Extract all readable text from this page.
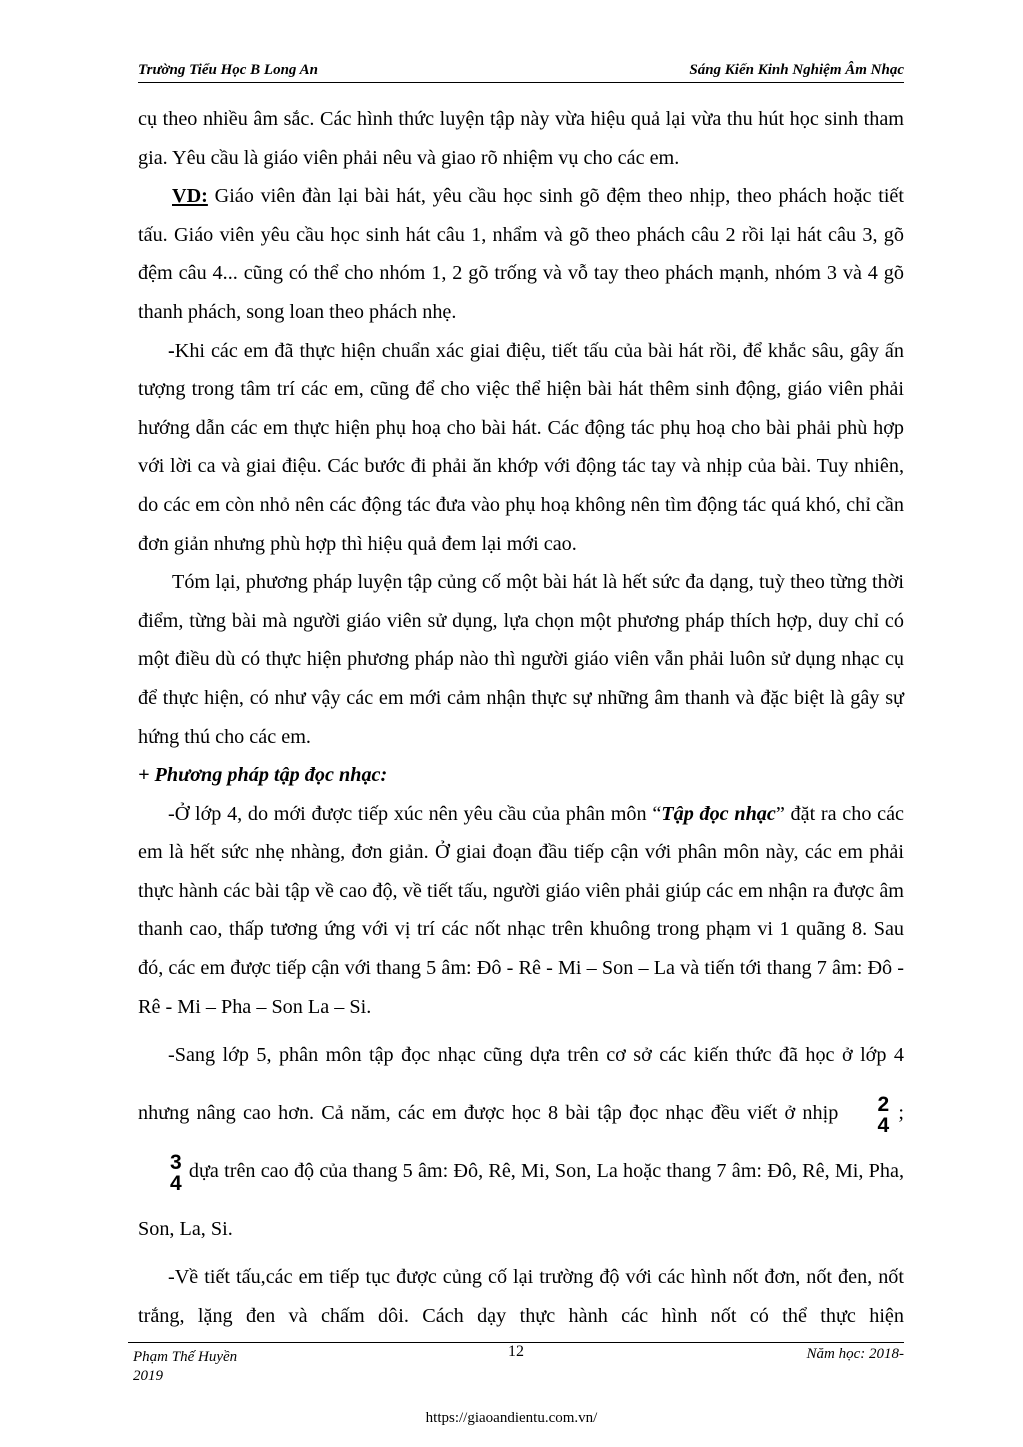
Trường Tiểu Học B Long An	Sáng Kiến Kinh Nghiệm Âm Nhạc

cụ theo nhiều âm sắc. Các hình thức luyện tập này vừa hiệu quả lại vừa thu hút học sinh tham gia. Yêu cầu là giáo viên phải nêu và giao rõ nhiệm vụ cho các em.

VD: Giáo viên đàn lại bài hát, yêu cầu học sinh gõ đệm theo nhịp, theo phách hoặc tiết tấu. Giáo viên yêu cầu học sinh hát câu 1, nhẩm và gõ theo phách câu 2 rồi lại hát câu 3, gõ đệm câu 4... cũng có thể cho nhóm 1, 2 gõ trống và vỗ tay theo phách mạnh, nhóm 3 và 4 gõ thanh phách, song loan theo phách nhẹ.

-Khi các em đã thực hiện chuẩn xác giai điệu, tiết tấu của bài hát rồi, để khắc sâu, gây ấn tượng trong tâm trí các em, cũng để cho việc thể hiện bài hát thêm sinh động, giáo viên phải hướng dẫn các em thực hiện phụ hoạ cho bài hát. Các động tác phụ hoạ cho bài phải phù hợp với lời ca và giai điệu. Các bước đi phải ăn khớp với động tác tay và nhịp của bài. Tuy nhiên, do các em còn nhỏ nên các động tác đưa vào phụ hoạ không nên tìm động tác quá khó, chỉ cần đơn giản nhưng phù hợp thì hiệu quả đem lại mới cao.

Tóm lại, phương pháp luyện tập củng cố một bài hát là hết sức đa dạng, tuỳ theo từng thời điểm, từng bài mà người giáo viên sử dụng, lựa chọn một phương pháp thích hợp, duy chỉ có một điều dù có thực hiện phương pháp nào thì người giáo viên vẫn phải luôn sử dụng nhạc cụ để thực hiện, có như vậy các em mới cảm nhận thực sự những âm thanh và đặc biệt là gây sự hứng thú cho các em.

+ Phương pháp tập đọc nhạc:

-Ở lớp 4, do mới được tiếp xúc nên yêu cầu của phân môn “Tập đọc nhạc” đặt ra cho các em là hết sức nhẹ nhàng, đơn giản. Ở giai đoạn đầu tiếp cận với phân môn này, các em phải thực hành các bài tập về cao độ, về tiết tấu, người giáo viên phải giúp các em nhận ra được âm thanh cao, thấp tương ứng với vị trí các nốt nhạc trên khuông trong phạm vi 1 quãng 8. Sau đó, các em được tiếp cận với thang 5 âm: Đô - Rê - Mi – Son – La và tiến tới thang 7 âm: Đô - Rê - Mi – Pha – Son La – Si.

-Sang lớp 5, phân môn tập đọc nhạc cũng dựa trên cơ sở các kiến thức đã học ở lớp 4 nhưng nâng cao hơn. Cả năm, các em được học 8 bài tập đọc nhạc đều viết ở nhịp	2
4
;
3
4
dựa trên cao độ của thang 5 âm: Đô, Rê, Mi, Son, La hoặc thang 7 âm: Đô, Rê, Mi, Pha, Son, La, Si.

-Về tiết tấu,các em tiếp tục được củng cố lại trường độ với các hình nốt đơn, nốt đen, nốt trắng, lặng đen và chấm dôi. Cách dạy thực hành các hình nốt có thể thực hiện

Phạm Thế Huyền	12	Năm học: 2018-
2019
https://giaoandientu.com.vn/
